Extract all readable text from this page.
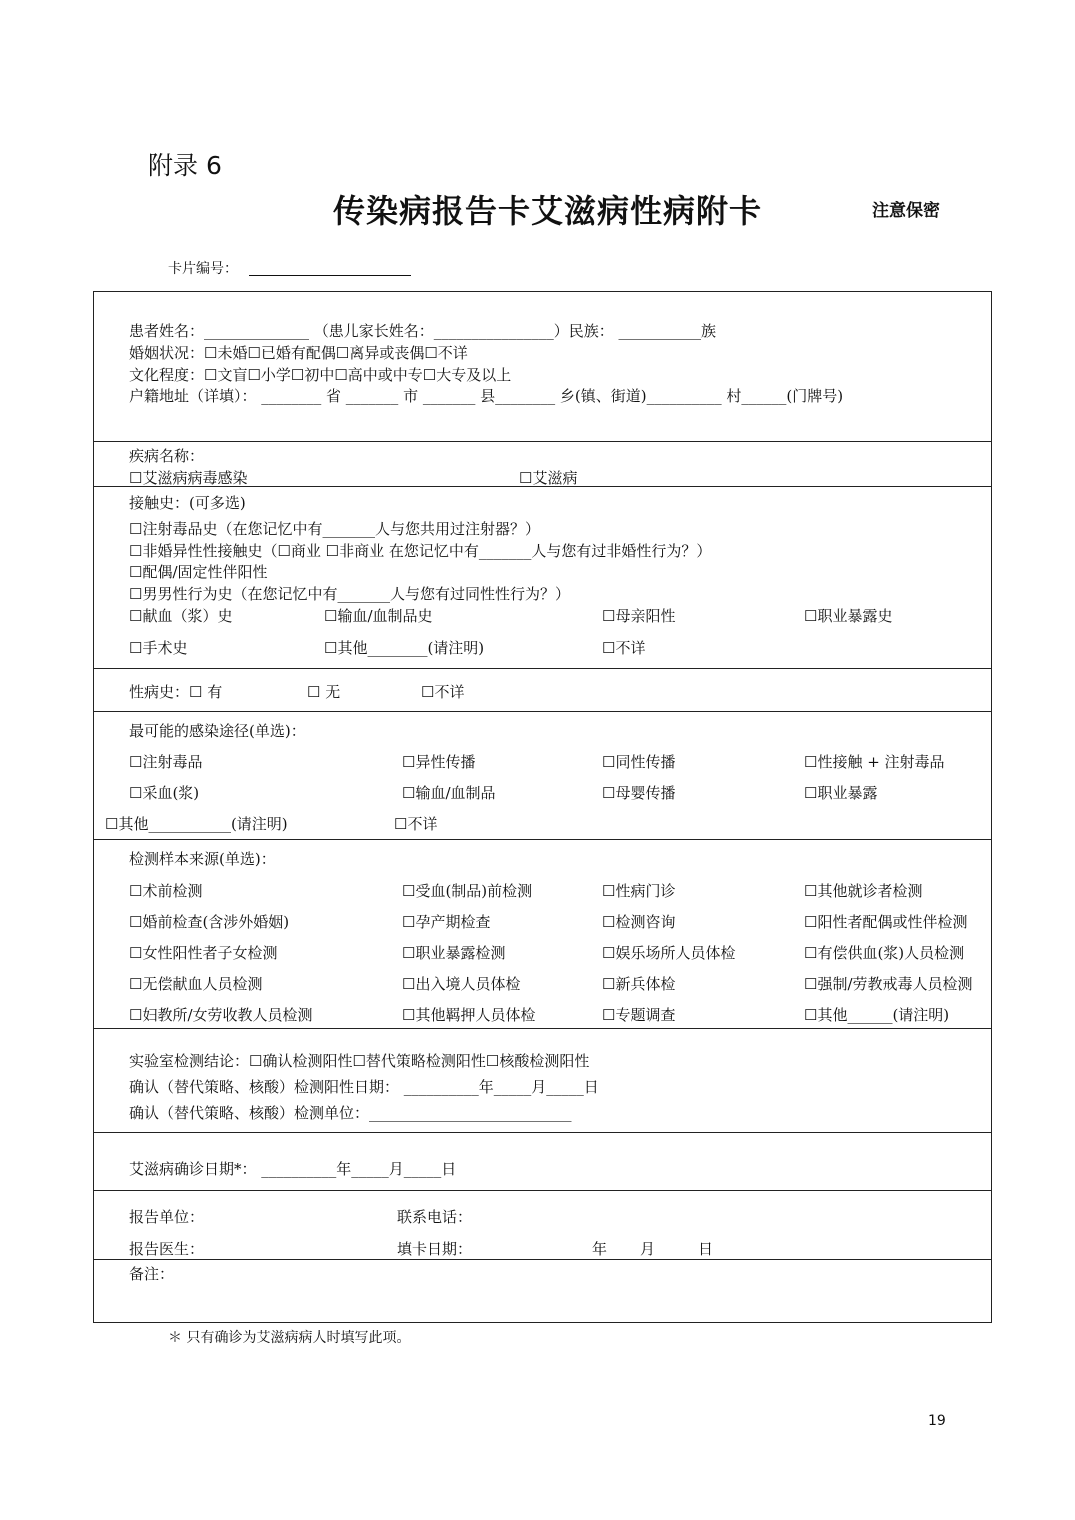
附录 6
传染病报告卡艾滋病性病附卡	注意保密
卡片编号：
患者姓名：______________ （患儿家长姓名：________________）民族： ___________族
婚姻状况：☐未婚☐已婚有配偶☐离异或丧偶☐不详
文化程度：☐文盲☐小学☐初中☐高中或中专☐大专及以上
户籍地址（详填）： ________ 省 _______ 市 _______ 县________ 乡(镇、街道)__________ 村______(门牌号)
疾病名称：
☐艾滋病病毒感染	☐艾滋病
接触史：(可多选)
☐注射毒品史（在您记忆中有_______人与您共用过注射器？）
☐非婚异性性接触史（☐商业 ☐非商业 在您记忆中有_______人与您有过非婚性行为？）
☐配偶/固定性伴阳性
☐男男性行为史（在您记忆中有_______人与您有过同性性行为？）
☐献血（浆）史	☐输血/血制品史	☐母亲阳性	☐职业暴露史
☐手术史	☐其他________(请注明)	☐不详
性病史：☐ 有	☐ 无	☐不详
最可能的感染途径(单选)：
☐注射毒品	☐异性传播	☐同性传播	☐性接触 + 注射毒品
☐采血(浆)	☐输血/血制品	☐母婴传播	☐职业暴露
☐其他___________(请注明)	☐不详
检测样本来源(单选)：
☐术前检测	☐受血(制品)前检测	☐性病门诊	☐其他就诊者检测
☐婚前检查(含涉外婚姻)	☐孕产期检查	☐检测咨询	☐阳性者配偶或性伴检测
☐女性阳性者子女检测	☐职业暴露检测	☐娱乐场所人员体检	☐有偿供血(浆)人员检测
☐无偿献血人员检测	☐出入境人员体检	☐新兵体检	☐强制/劳教戒毒人员检测
☐妇教所/女劳收教人员检测	☐其他羁押人员体检	☐专题调查	☐其他______(请注明)
实验室检测结论：☐确认检测阳性☐替代策略检测阳性☐核酸检测阳性
确认（替代策略、核酸）检测阳性日期： __________年_____月_____日
确认（替代策略、核酸）检测单位：___________________________
艾滋病确诊日期*： __________年_____月_____日
报告单位：	联系电话：
报告医生：	填卡日期：	年 月	日
备注：
＊ 只有确诊为艾滋病病人时填写此项。
19
